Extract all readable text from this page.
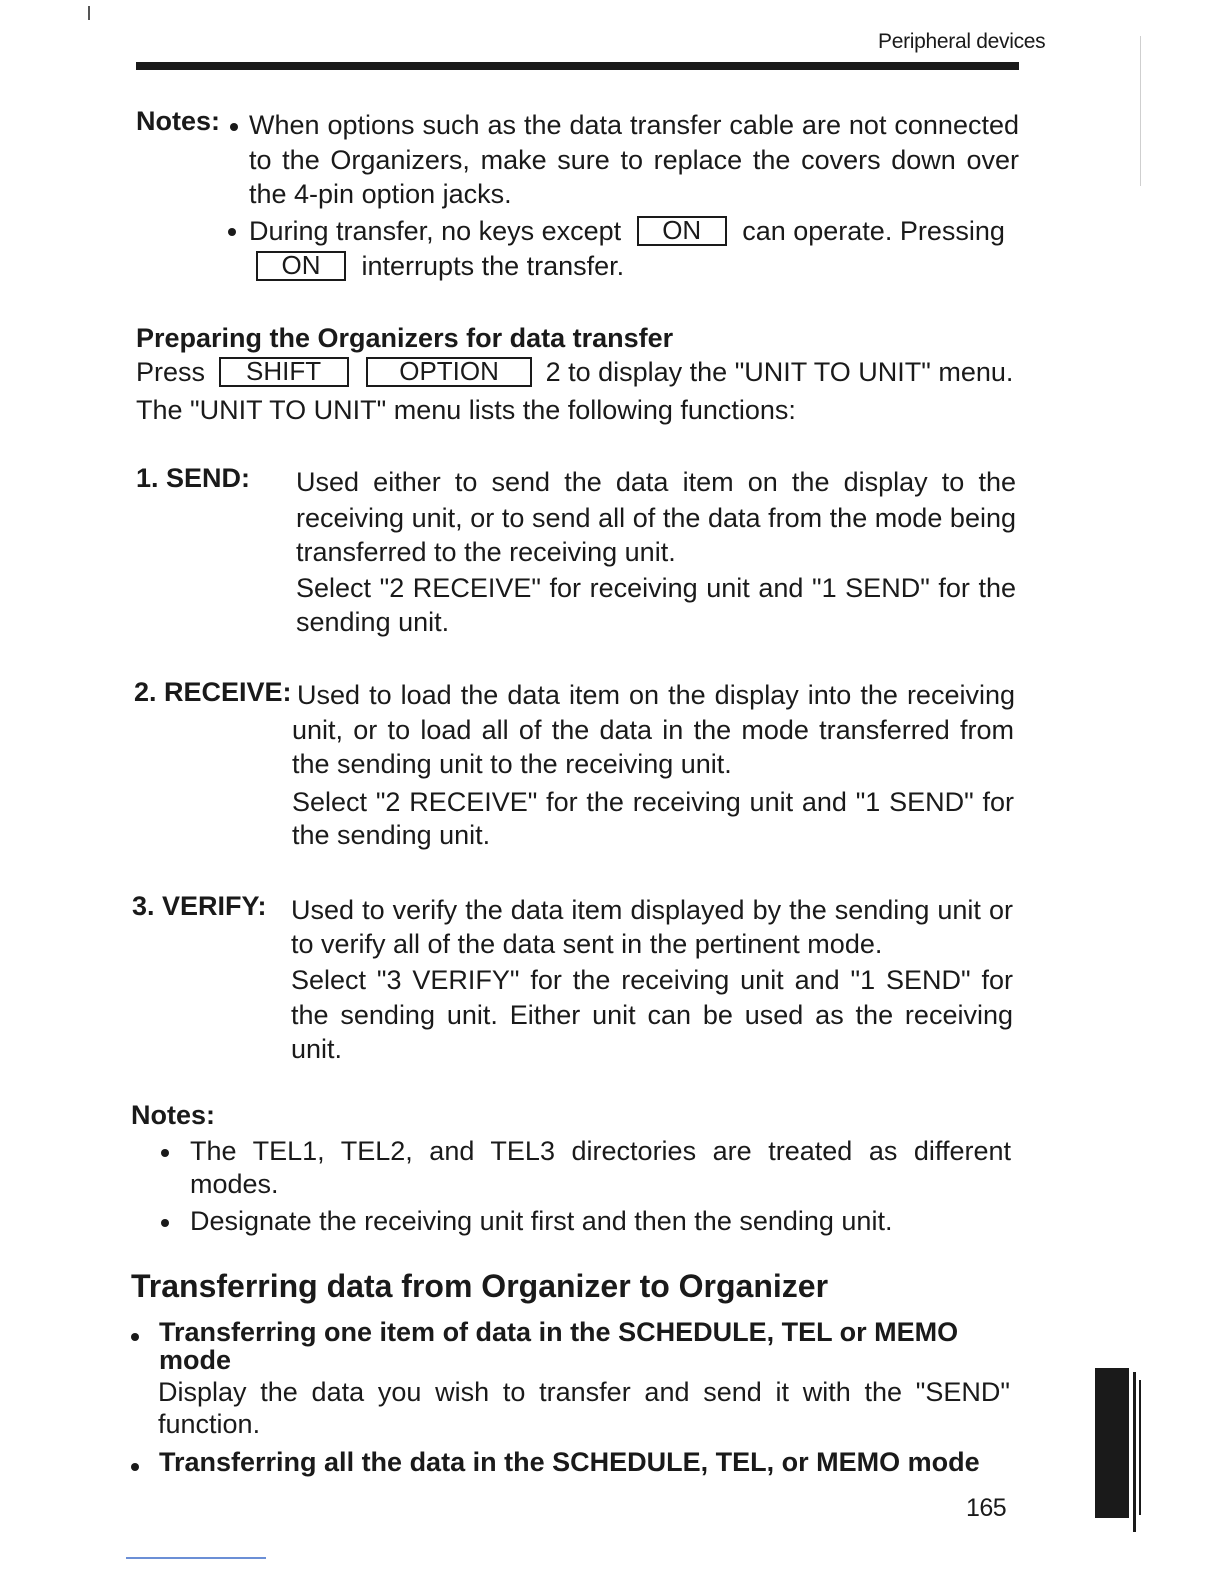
Peripheral devices
Notes: When options such as the data transfer cable are not connected
to the Organizers, make sure to replace the covers down over
the 4-pin option jacks.
During transfer, no keys except ON can operate. Pressing
ON interrupts the transfer.
Preparing the Organizers for data transfer
Press SHIFT	OPTION 2 to display the "UNIT TO UNIT" menu.
The "UNIT TO UNIT" menu lists the following functions:
1. SEND: Used either to send the data item on the display to the
receiving unit, or to send all of the data from the mode being
transferred to the receiving unit.
Select "2 RECEIVE" for receiving unit and "1 SEND" for the
sending unit.
2. RECEIVE: Used to load the data item on the display into the receiving
unit, or to load all of the data in the mode transferred from
the sending unit to the receiving unit.
Select "2 RECEIVE" for the receiving unit and "1 SEND" for
the sending unit.
3. VERIFY: Used to verify the data item displayed by the sending unit or
to verify all of the data sent in the pertinent mode.
Select "3 VERIFY" for the receiving unit and "1 SEND" for
the sending unit. Either unit can be used as the receiving
unit.
Notes:
The TEL1, TEL2, and TEL3 directories are treated as different
modes.
Designate the receiving unit first and then the sending unit.
Transferring data from Organizer to Organizer
Transferring one item of data in the SCHEDULE, TEL or MEMO
mode
Display the data you wish to transfer and send it with the "SEND"
function.
Transferring all the data in the SCHEDULE, TEL, or MEMO mode
165
